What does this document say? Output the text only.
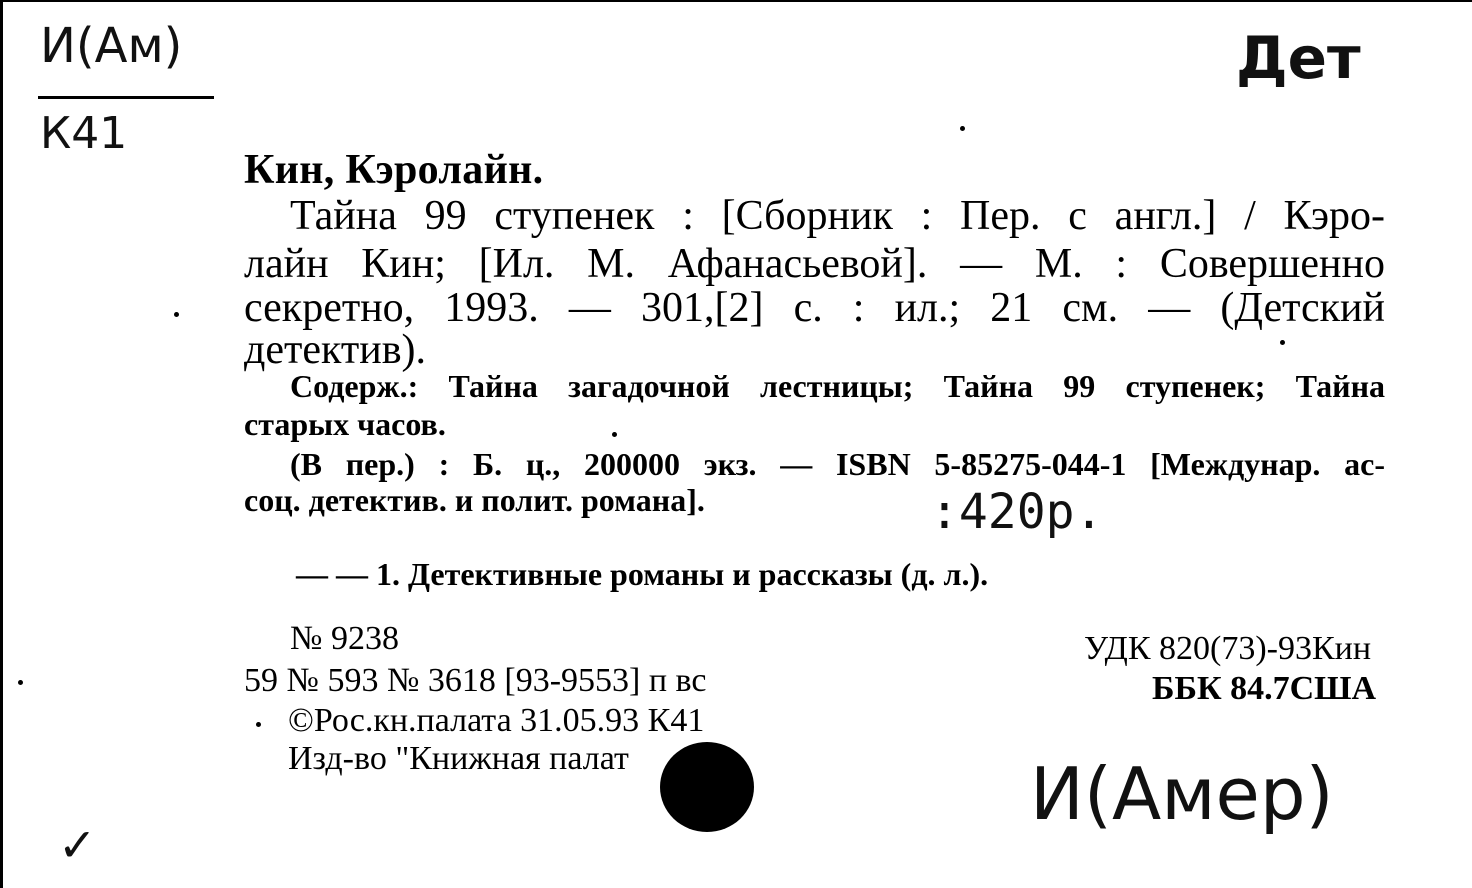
И(Ам)
К41
Дет
И(Амер)
✓
Кин, Кэролайн.
Тайна 99 ступенек : [Сборник : Пер. с англ.] / Кэро-
лайн Кин; [Ил. М. Афанасьевой]. — М. : Совершенно
секретно, 1993. — 301,[2] с. : ил.; 21 см. — (Детский
детектив).
Содерж.: Тайна загадочной лестницы; Тайна 99 ступенек; Тайна
старых часов.
(В пер.) : Б. ц., 200000 экз. — ISBN 5-85275-044-1 [Междунар. ас-
соц. детектив. и полит. романа].	:420р.
— — 1. Детективные романы и рассказы (д. л.).
№ 9238
59 № 593 № 3618 [93-9553] п вс
©Рос.кн.палата 31.05.93 К41
Изд-во "Книжная палат
УДК 820(73)-93Кин
ББК 84.7США
